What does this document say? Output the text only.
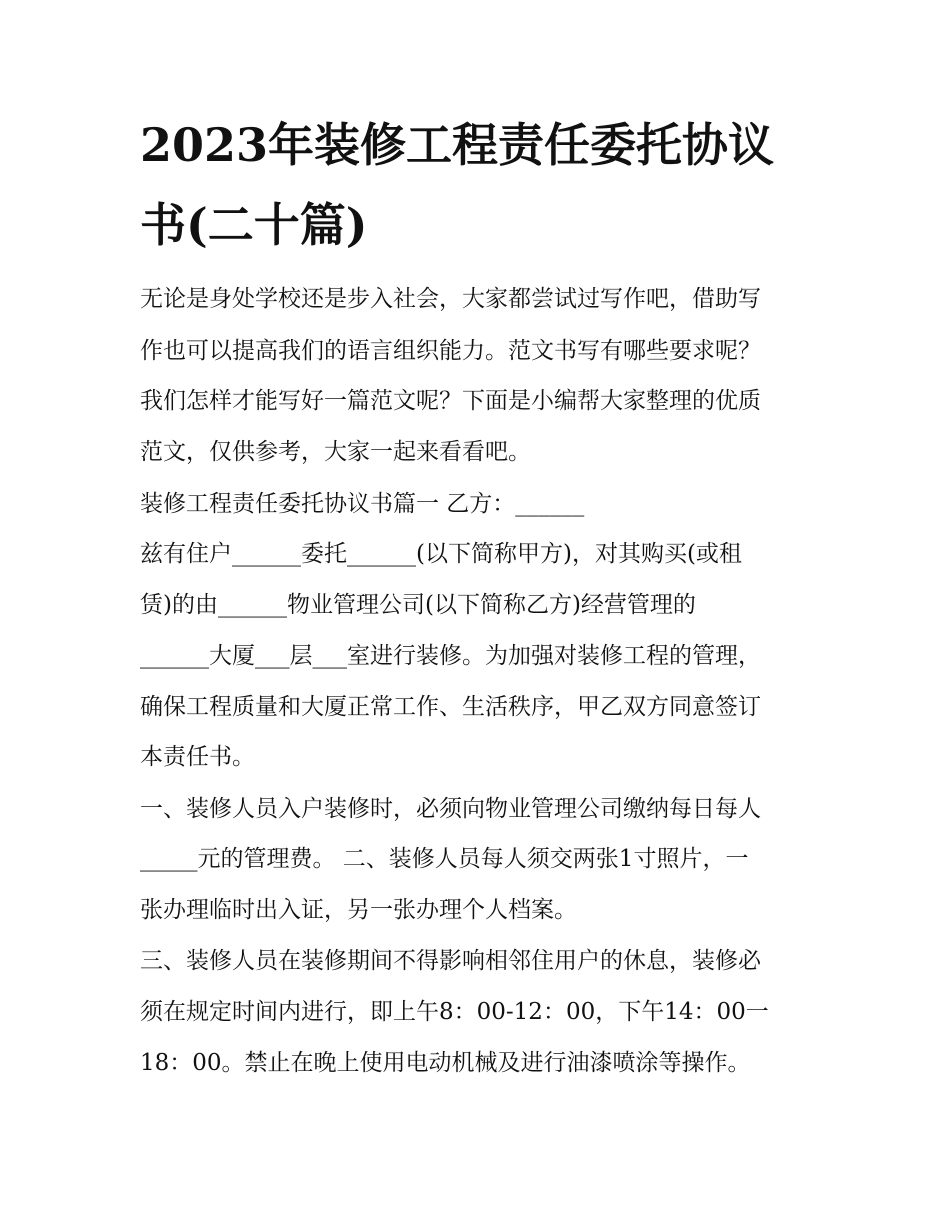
2023年装修工程责任委托协议
书(二十篇)
无论是身处学校还是步入社会，大家都尝试过写作吧，借助写
作也可以提高我们的语言组织能力。范文书写有哪些要求呢？
我们怎样才能写好一篇范文呢？下面是小编帮大家整理的优质
范文，仅供参考，大家一起来看看吧。
装修工程责任委托协议书篇一 乙方：______
兹有住户______委托______(以下简称甲方)，对其购买(或租
赁)的由______物业管理公司(以下简称乙方)经营管理的
______大厦___层___室进行装修。为加强对装修工程的管理，
确保工程质量和大厦正常工作、生活秩序，甲乙双方同意签订
本责任书。
一、装修人员入户装修时，必须向物业管理公司缴纳每日每人
_____元的管理费。 二、装修人员每人须交两张1寸照片，一
张办理临时出入证，另一张办理个人档案。
三、装修人员在装修期间不得影响相邻住用户的休息，装修必
须在规定时间内进行，即上午8：00-12：00，下午14：00一
18：00。禁止在晚上使用电动机械及进行油漆喷涂等操作。
